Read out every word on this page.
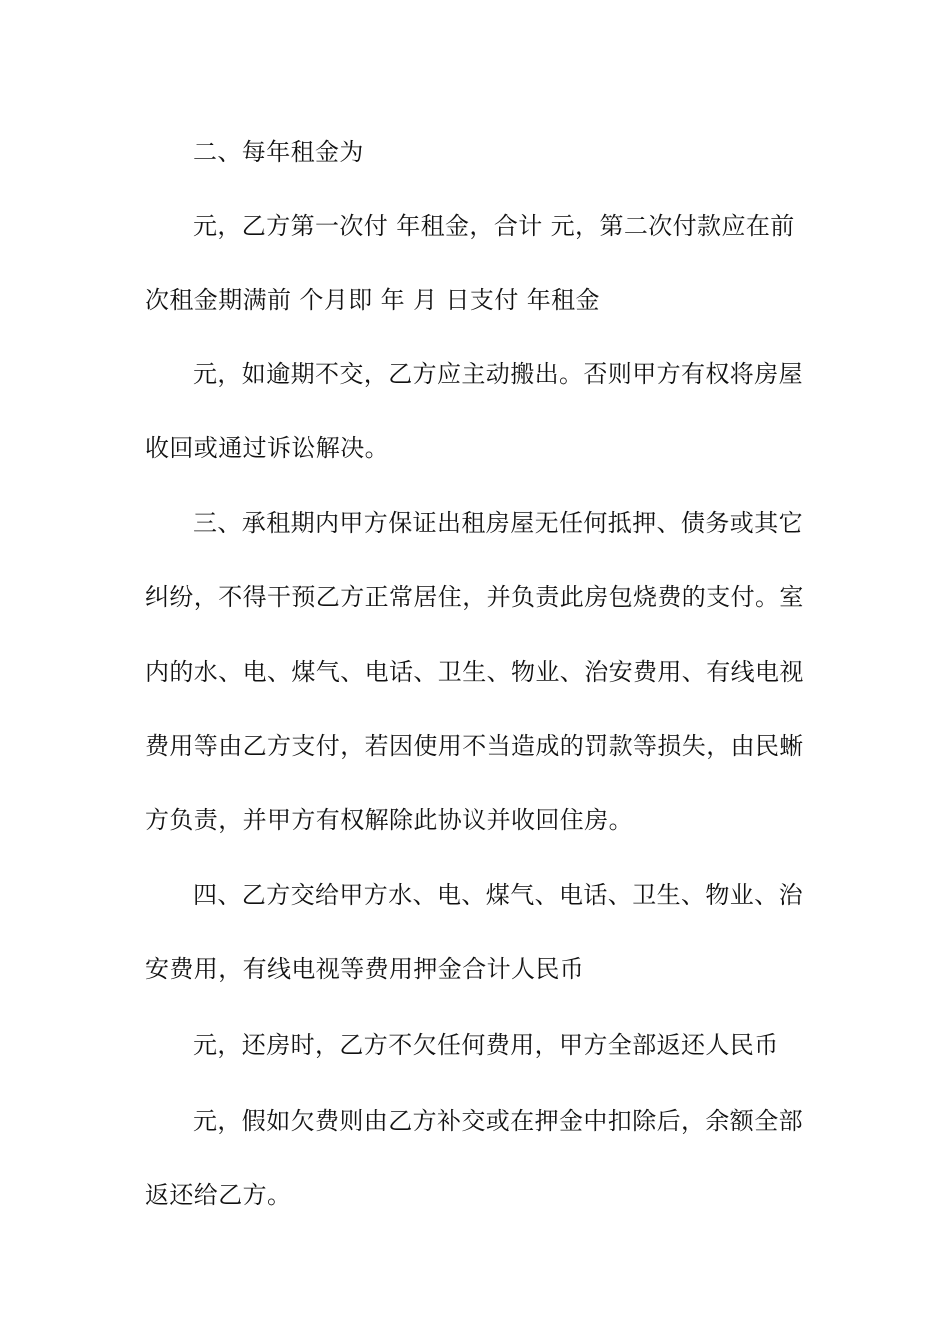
二、每年租金为
元，乙方第一次付 年租金，合计 元，第二次付款应在前
次租金期满前 个月即 年 月 日支付 年租金
元，如逾期不交，乙方应主动搬出。否则甲方有权将房屋
收回或通过诉讼解决。
三、承租期内甲方保证出租房屋无任何抵押、债务或其它
纠纷，不得干预乙方正常居住，并负责此房包烧费的支付。室
内的水、电、煤气、电话、卫生、物业、治安费用、有线电视
费用等由乙方支付，若因使用不当造成的罚款等损失，由民蜥
方负责，并甲方有权解除此协议并收回住房。
四、乙方交给甲方水、电、煤气、电话、卫生、物业、治
安费用，有线电视等费用押金合计人民币
元，还房时，乙方不欠任何费用，甲方全部返还人民币
元，假如欠费则由乙方补交或在押金中扣除后，余额全部
返还给乙方。
